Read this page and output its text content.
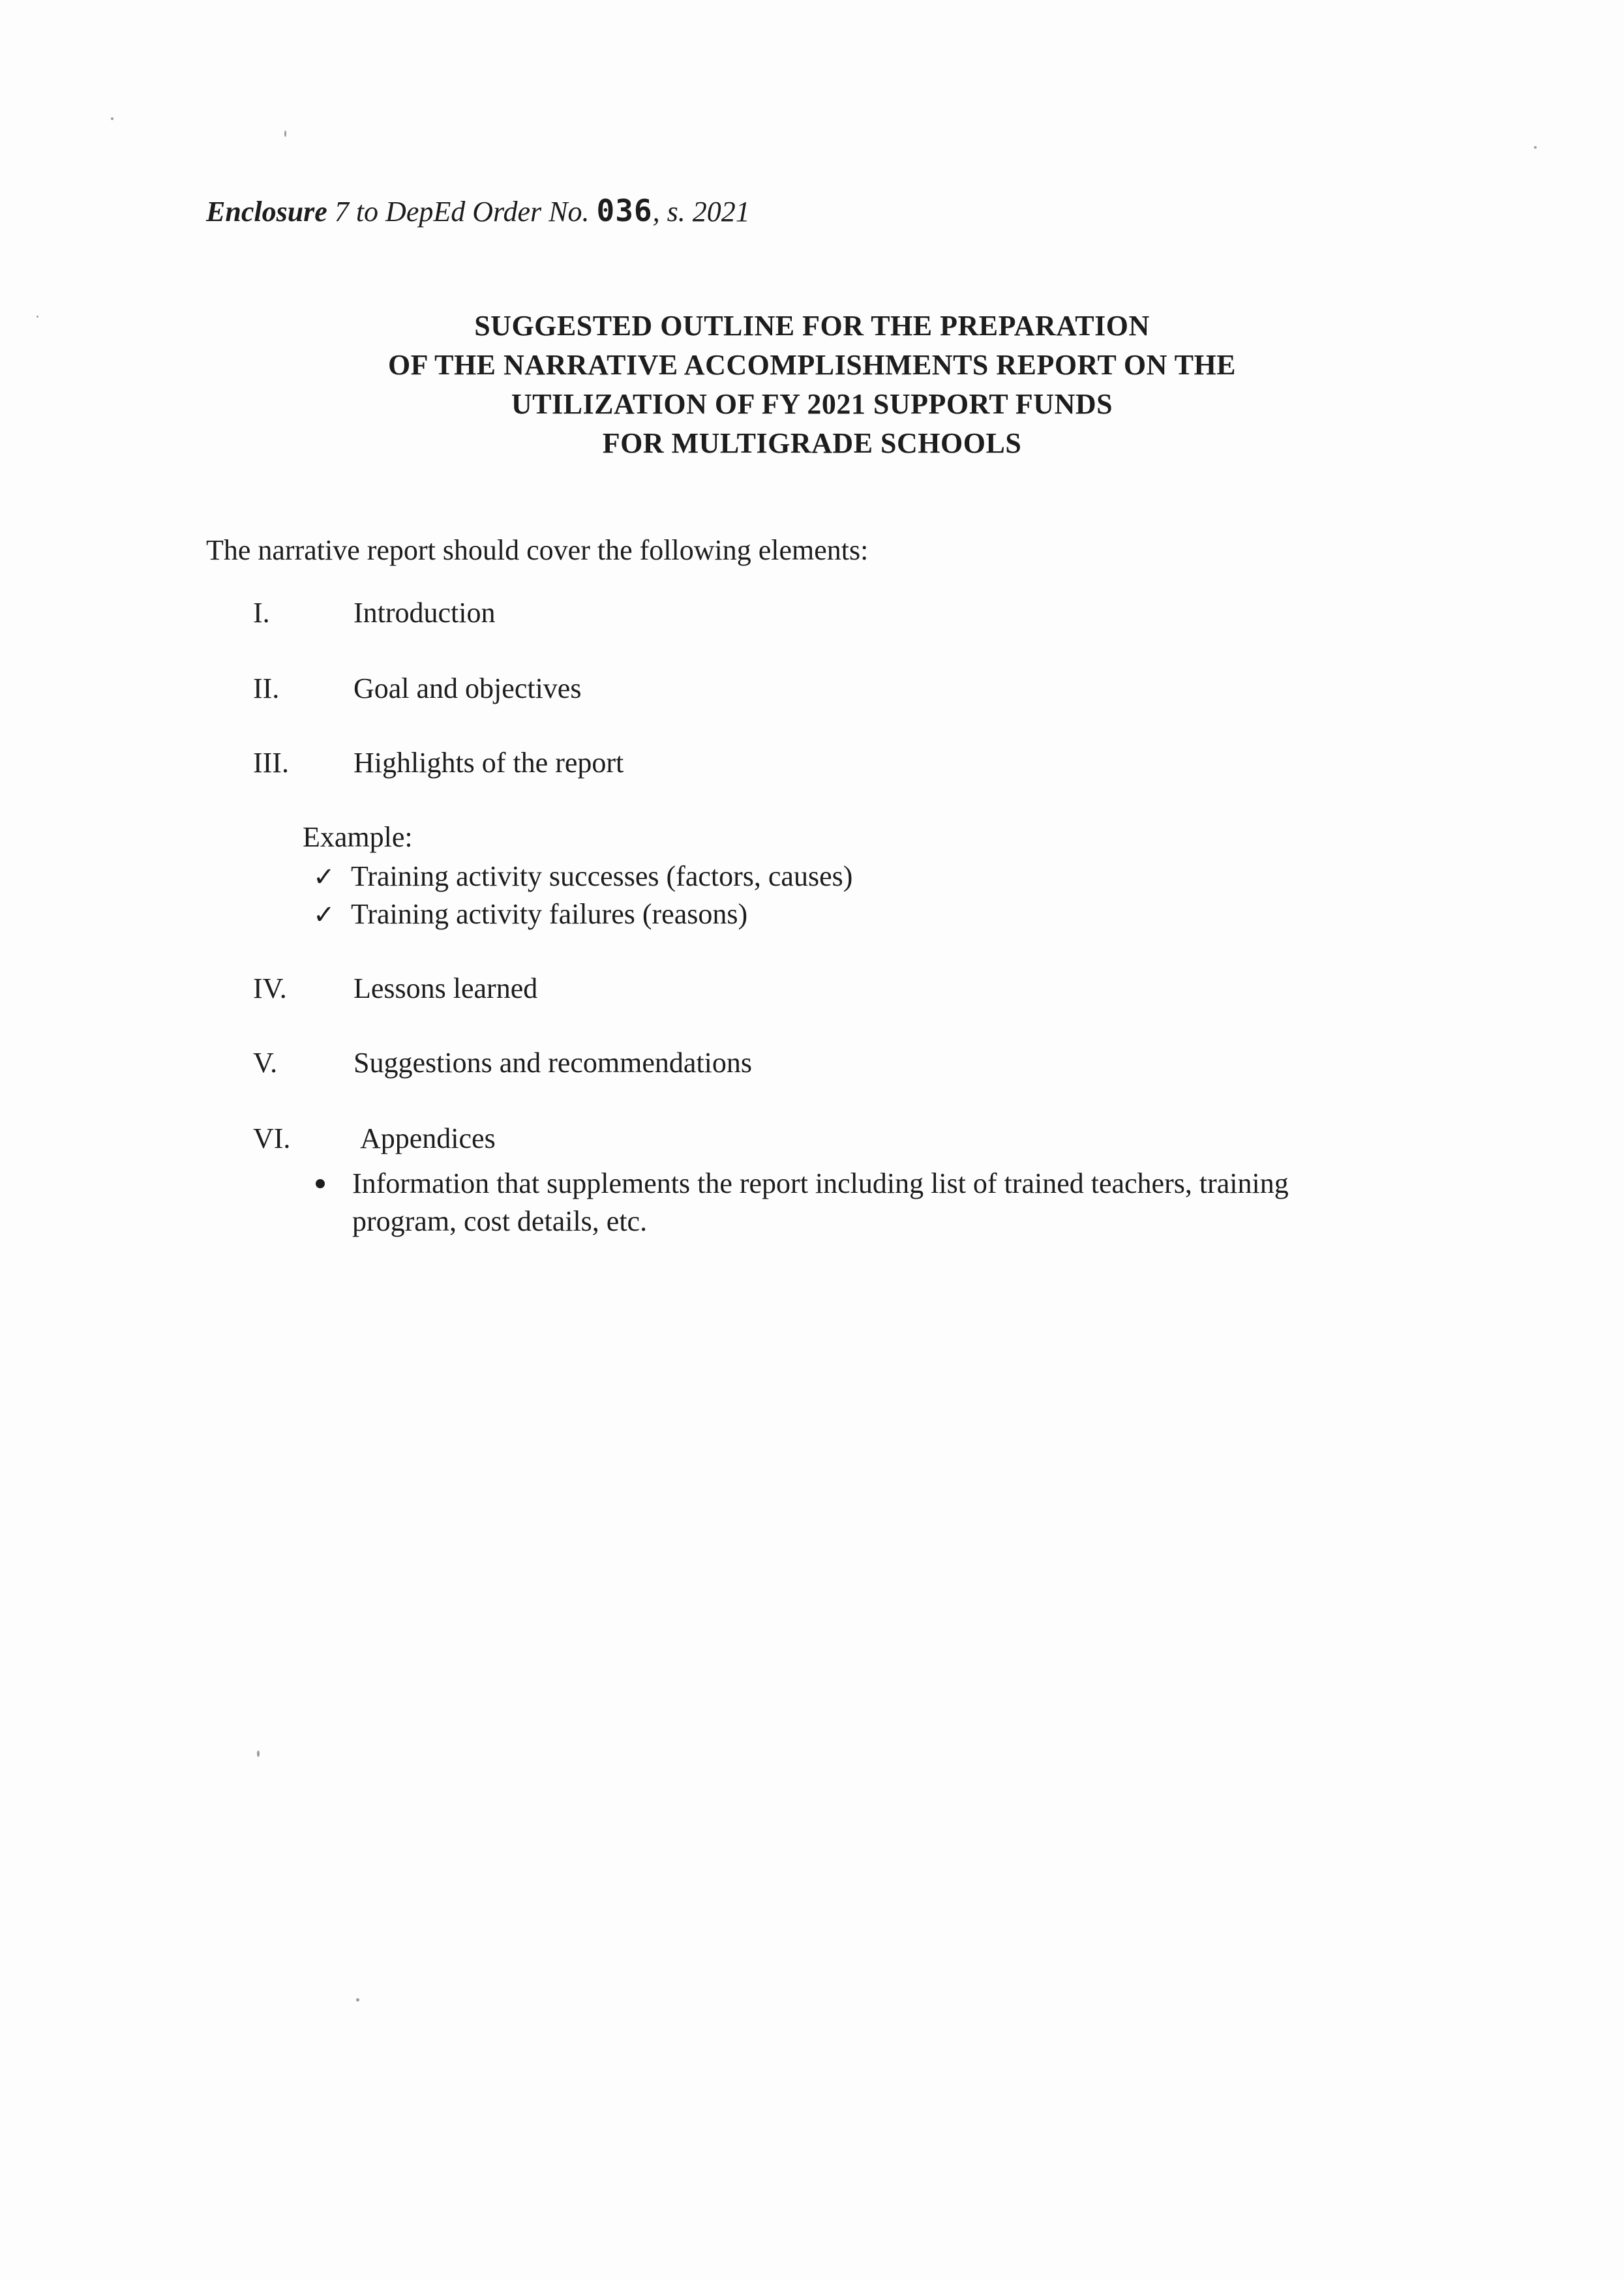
Enclosure 7 to DepEd Order No. 036, s. 2021
SUGGESTED OUTLINE FOR THE PREPARATION
OF THE NARRATIVE ACCOMPLISHMENTS REPORT ON THE
UTILIZATION OF FY 2021 SUPPORT FUNDS
FOR MULTIGRADE SCHOOLS
The narrative report should cover the following elements:
I.	Introduction
II.	Goal and objectives
III. Highlights of the report
Example:
✓ Training activity successes (factors, causes)
✓ Training activity failures (reasons)
IV. Lessons learned
V.	Suggestions and recommendations
VI. Appendices
Information that supplements the report including list of trained teachers, training
program, cost details, etc.
